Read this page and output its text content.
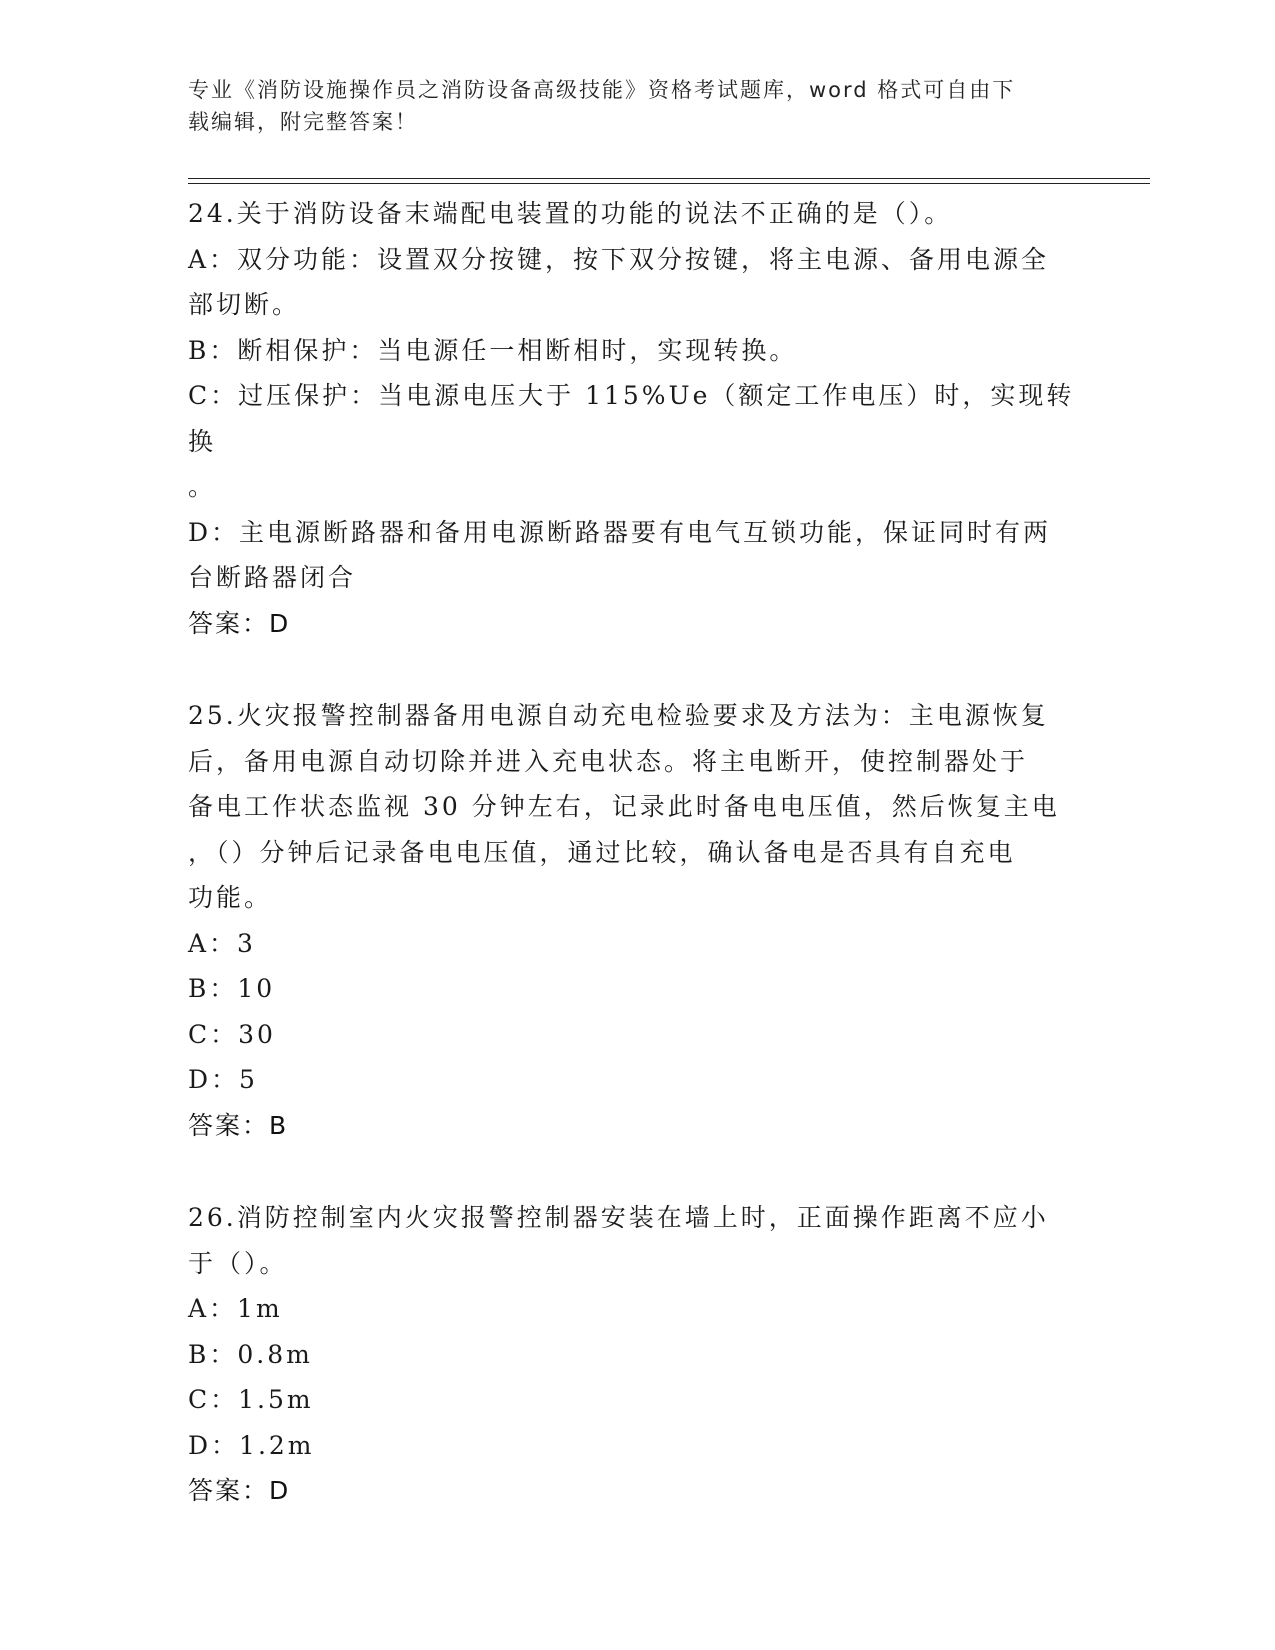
专业《消防设施操作员之消防设备高级技能》资格考试题库，word 格式可自由下
载编辑，附完整答案！
24.关于消防设备末端配电装置的功能的说法不正确的是（）。
A：双分功能：设置双分按键，按下双分按键，将主电源、备用电源全
部切断。
B：断相保护：当电源任一相断相时，实现转换。
C：过压保护：当电源电压大于 115%Ue（额定工作电压）时，实现转换
。
D：主电源断路器和备用电源断路器要有电气互锁功能，保证同时有两
台断路器闭合
答案：D
25.火灾报警控制器备用电源自动充电检验要求及方法为：主电源恢复
后，备用电源自动切除并进入充电状态。将主电断开，使控制器处于
备电工作状态监视 30 分钟左右，记录此时备电电压值，然后恢复主电
，（）分钟后记录备电电压值，通过比较，确认备电是否具有自充电
功能。
A：3
B：10
C：30
D：5
答案：B
26.消防控制室内火灾报警控制器安装在墙上时，正面操作距离不应小
于（）。
A：1m
B：0.8m
C：1.5m
D：1.2m
答案：D
